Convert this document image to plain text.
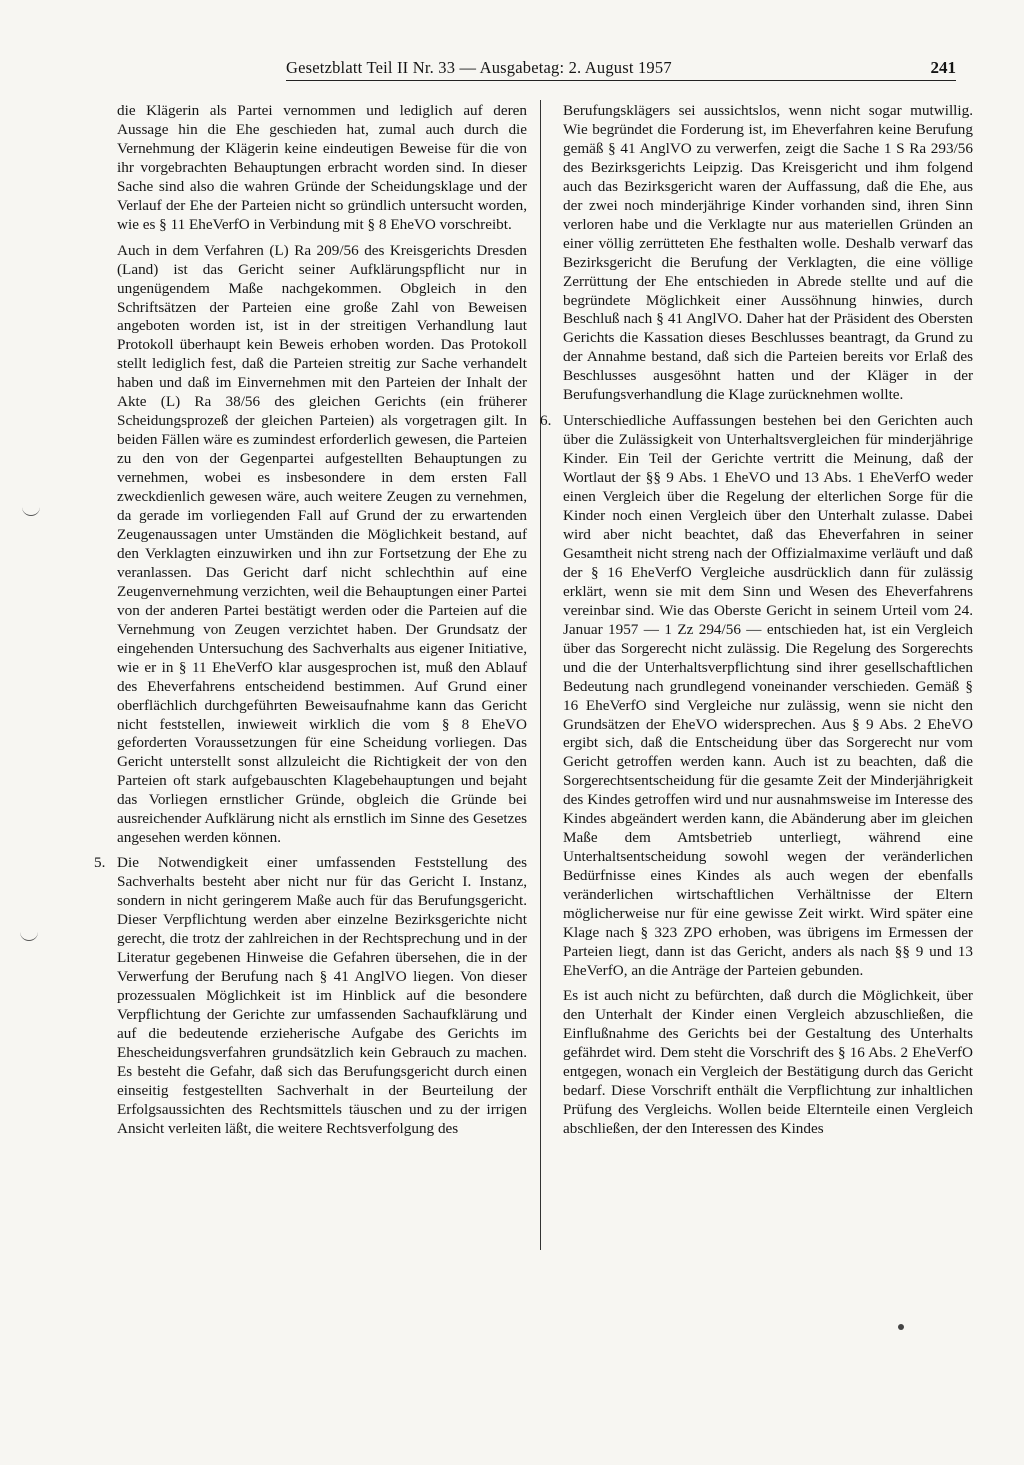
Gesetzblatt Teil II Nr. 33 — Ausgabetag: 2. August 1957	241

die Klägerin als Partei vernommen und lediglich auf deren Aussage hin die Ehe geschieden hat, zumal auch durch die Vernehmung der Klägerin keine eindeutigen Beweise für die von ihr vorgebrachten Behauptungen erbracht worden sind. In dieser Sache sind also die wahren Gründe der Scheidungsklage und der Verlauf der Ehe der Parteien nicht so gründlich untersucht worden, wie es § 11 EheVerfO in Verbindung mit § 8 EheVO vorschreibt.

Auch in dem Verfahren (L) Ra 209/56 des Kreisgerichts Dresden (Land) ist das Gericht seiner Aufklärungspflicht nur in ungenügendem Maße nachgekommen. Obgleich in den Schriftsätzen der Parteien eine große Zahl von Beweisen angeboten worden ist, ist in der streitigen Verhandlung laut Protokoll überhaupt kein Beweis erhoben worden. Das Protokoll stellt lediglich fest, daß die Parteien streitig zur Sache verhandelt haben und daß im Einvernehmen mit den Parteien der Inhalt der Akte (L) Ra 38/56 des gleichen Gerichts (ein früherer Scheidungsprozeß der gleichen Parteien) als vorgetragen gilt. In beiden Fällen wäre es zumindest erforderlich gewesen, die Parteien zu den von der Gegenpartei aufgestellten Behauptungen zu vernehmen, wobei es insbesondere in dem ersten Fall zweckdienlich gewesen wäre, auch weitere Zeugen zu vernehmen, da gerade im vorliegenden Fall auf Grund der zu erwartenden Zeugenaussagen unter Umständen die Möglichkeit bestand, auf den Verklagten einzuwirken und ihn zur Fortsetzung der Ehe zu veranlassen. Das Gericht darf nicht schlechthin auf eine Zeugenvernehmung verzichten, weil die Behauptungen einer Partei von der anderen Partei bestätigt werden oder die Parteien auf die Vernehmung von Zeugen verzichtet haben. Der Grundsatz der eingehenden Untersuchung des Sachverhalts aus eigener Initiative, wie er in § 11 EheVerfO klar ausgesprochen ist, muß den Ablauf des Eheverfahrens entscheidend bestimmen. Auf Grund einer oberflächlich durchgeführten Beweisaufnahme kann das Gericht nicht feststellen, inwieweit wirklich die vom § 8 EheVO geforderten Voraussetzungen für eine Scheidung vorliegen. Das Gericht unterstellt sonst allzuleicht die Richtigkeit der von den Parteien oft stark aufgebauschten Klagebehauptungen und bejaht das Vorliegen ernstlicher Gründe, obgleich die Gründe bei ausreichender Aufklärung nicht als ernstlich im Sinne des Gesetzes angesehen werden können.

5. Die Notwendigkeit einer umfassenden Feststellung des Sachverhalts besteht aber nicht nur für das Gericht I. Instanz, sondern in nicht geringerem Maße auch für das Berufungsgericht. Dieser Verpflichtung werden aber einzelne Bezirksgerichte nicht gerecht, die trotz der zahlreichen in der Rechtsprechung und in der Literatur gegebenen Hinweise die Gefahren übersehen, die in der Verwerfung der Berufung nach § 41 AnglVO liegen. Von dieser prozessualen Möglichkeit ist im Hinblick auf die besondere Verpflichtung der Gerichte zur umfassenden Sachaufklärung und auf die bedeutende erzieherische Aufgabe des Gerichts im Ehescheidungsverfahren grundsätzlich kein Gebrauch zu machen. Es besteht die Gefahr, daß sich das Berufungsgericht durch einen einseitig festgestellten Sachverhalt in der Beurteilung der Erfolgsaussichten des Rechtsmittels täuschen und zu der irrigen Ansicht verleiten läßt, die weitere Rechtsverfolgung des

Berufungsklägers sei aussichtslos, wenn nicht sogar mutwillig. Wie begründet die Forderung ist, im Eheverfahren keine Berufung gemäß § 41 AnglVO zu verwerfen, zeigt die Sache 1 S Ra 293/56 des Bezirksgerichts Leipzig. Das Kreisgericht und ihm folgend auch das Bezirksgericht waren der Auffassung, daß die Ehe, aus der zwei noch minderjährige Kinder vorhanden sind, ihren Sinn verloren habe und die Verklagte nur aus materiellen Gründen an einer völlig zerrütteten Ehe festhalten wolle. Deshalb verwarf das Bezirksgericht die Berufung der Verklagten, die eine völlige Zerrüttung der Ehe entschieden in Abrede stellte und auf die begründete Möglichkeit einer Aussöhnung hinwies, durch Beschluß nach § 41 AnglVO. Daher hat der Präsident des Obersten Gerichts die Kassation dieses Beschlusses beantragt, da Grund zu der Annahme bestand, daß sich die Parteien bereits vor Erlaß des Beschlusses ausgesöhnt hatten und der Kläger in der Berufungsverhandlung die Klage zurücknehmen wollte.

6. Unterschiedliche Auffassungen bestehen bei den Gerichten auch über die Zulässigkeit von Unterhaltsvergleichen für minderjährige Kinder. Ein Teil der Gerichte vertritt die Meinung, daß der Wortlaut der §§ 9 Abs. 1 EheVO und 13 Abs. 1 EheVerfO weder einen Vergleich über die Regelung der elterlichen Sorge für die Kinder noch einen Vergleich über den Unterhalt zulasse. Dabei wird aber nicht beachtet, daß das Eheverfahren in seiner Gesamtheit nicht streng nach der Offizialmaxime verläuft und daß der § 16 EheVerfO Vergleiche ausdrücklich dann für zulässig erklärt, wenn sie mit dem Sinn und Wesen des Eheverfahrens vereinbar sind. Wie das Oberste Gericht in seinem Urteil vom 24. Januar 1957 — 1 Zz 294/56 — entschieden hat, ist ein Vergleich über das Sorgerecht nicht zulässig. Die Regelung des Sorgerechts und die der Unterhaltsverpflichtung sind ihrer gesellschaftlichen Bedeutung nach grundlegend voneinander verschieden. Gemäß § 16 EheVerfO sind Vergleiche nur zulässig, wenn sie nicht den Grundsätzen der EheVO widersprechen. Aus § 9 Abs. 2 EheVO ergibt sich, daß die Entscheidung über das Sorgerecht nur vom Gericht getroffen werden kann. Auch ist zu beachten, daß die Sorgerechtsentscheidung für die gesamte Zeit der Minderjährigkeit des Kindes getroffen wird und nur ausnahmsweise im Interesse des Kindes abgeändert werden kann, die Abänderung aber im gleichen Maße dem Amtsbetrieb unterliegt, während eine Unterhaltsentscheidung sowohl wegen der veränderlichen Bedürfnisse eines Kindes als auch wegen der ebenfalls veränderlichen wirtschaftlichen Verhältnisse der Eltern möglicherweise nur für eine gewisse Zeit wirkt. Wird später eine Klage nach § 323 ZPO erhoben, was übrigens im Ermessen der Parteien liegt, dann ist das Gericht, anders als nach §§ 9 und 13 EheVerfO, an die Anträge der Parteien gebunden.

Es ist auch nicht zu befürchten, daß durch die Möglichkeit, über den Unterhalt der Kinder einen Vergleich abzuschließen, die Einflußnahme des Gerichts bei der Gestaltung des Unterhalts gefährdet wird. Dem steht die Vorschrift des § 16 Abs. 2 EheVerfO entgegen, wonach ein Vergleich der Bestätigung durch das Gericht bedarf. Diese Vorschrift enthält die Verpflichtung zur inhaltlichen Prüfung des Vergleichs. Wollen beide Elternteile einen Vergleich abschließen, der den Interessen des Kindes
